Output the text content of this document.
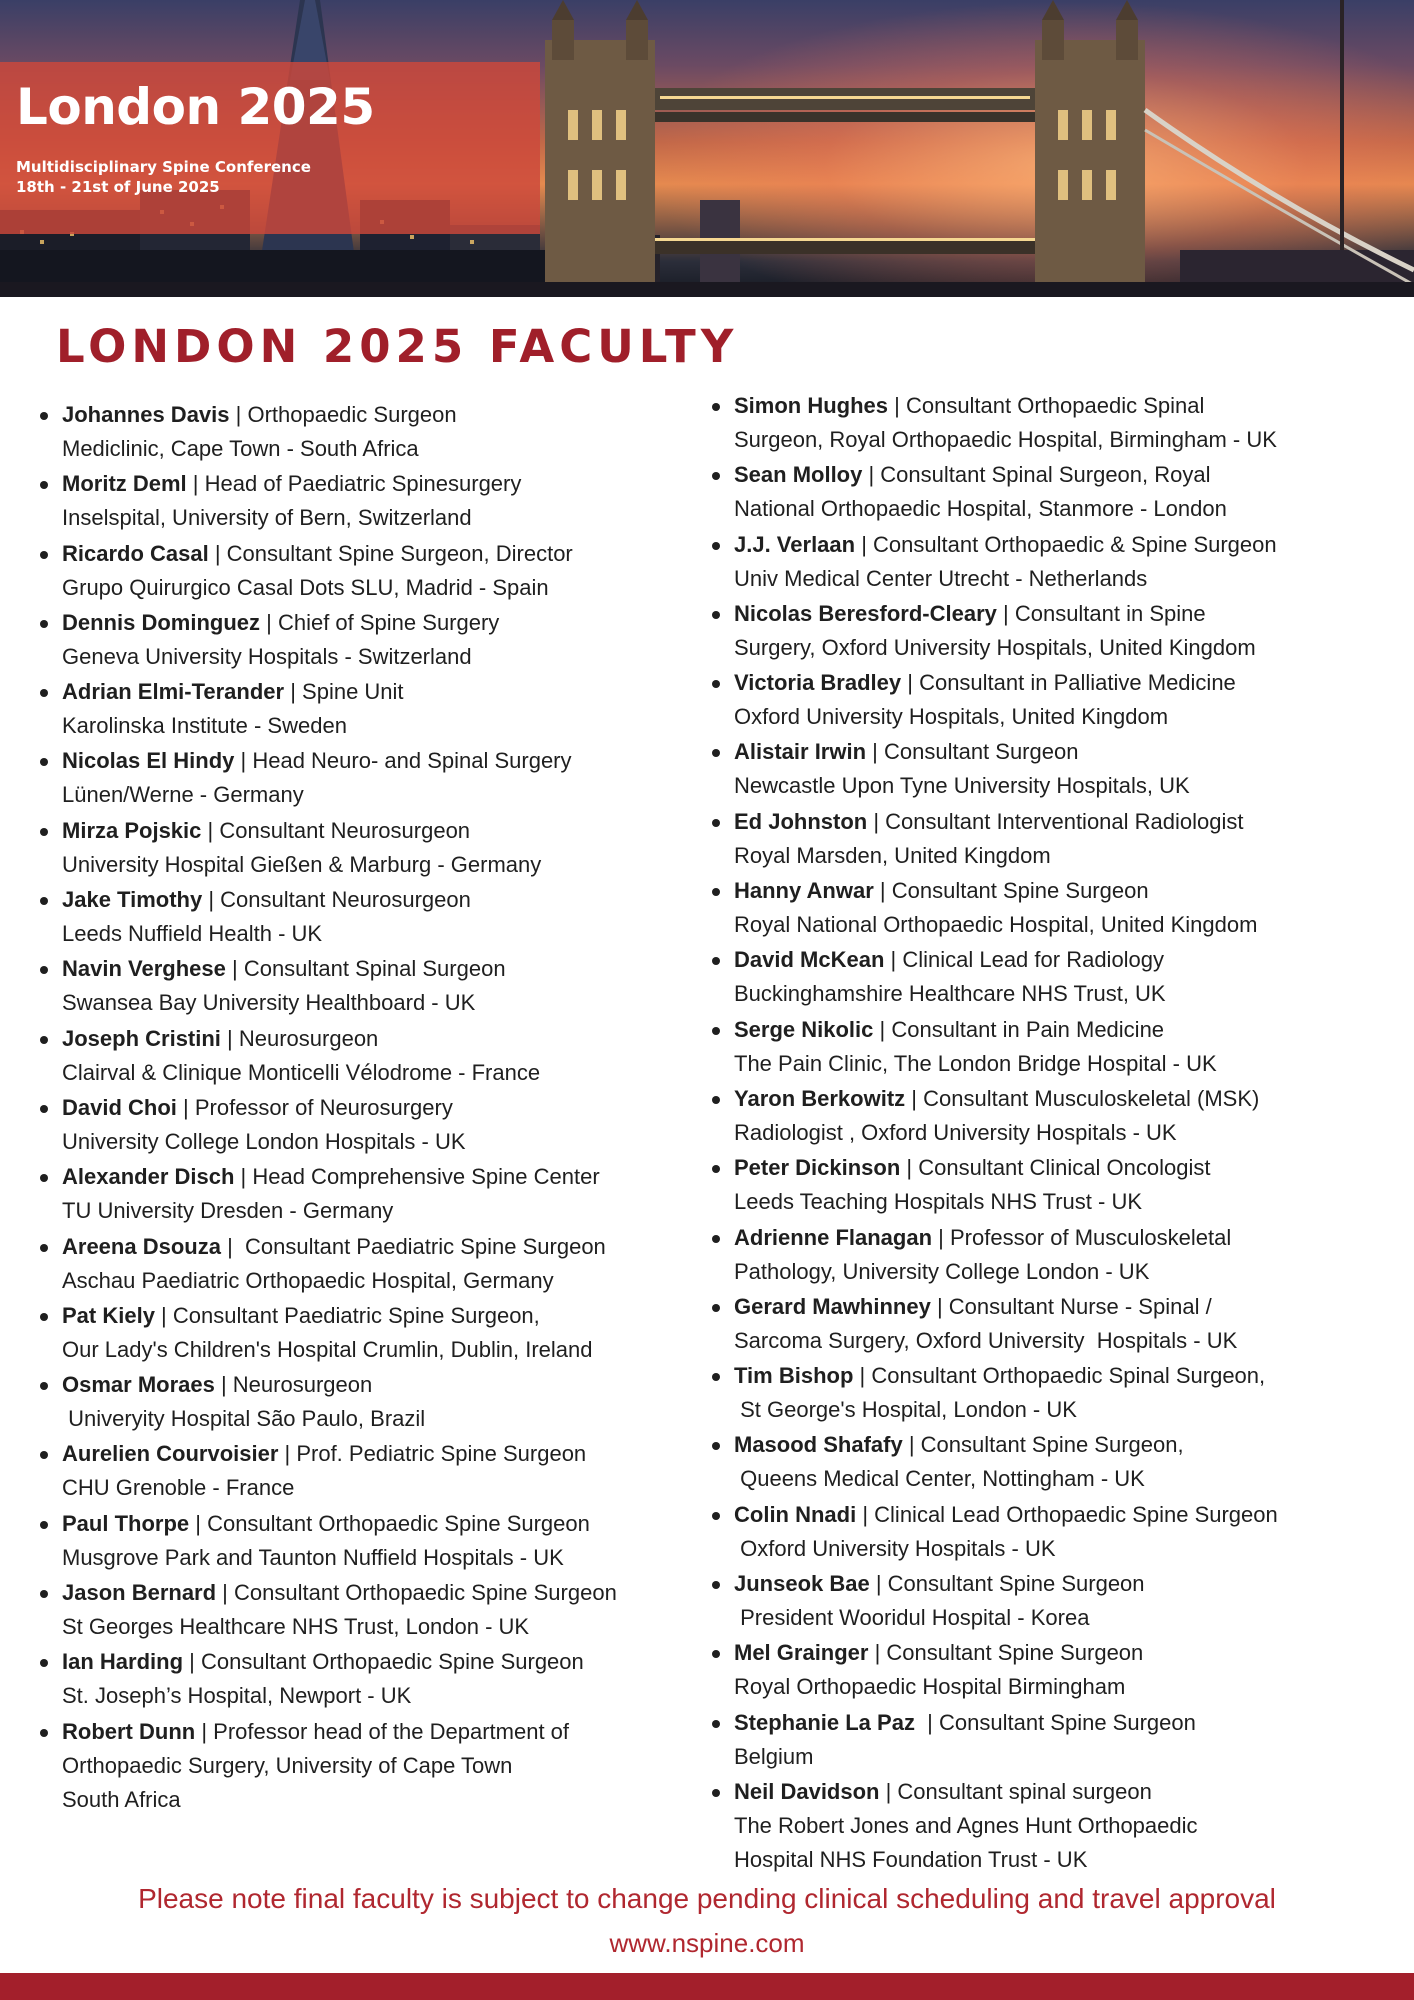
London 2025

Multidisciplinary Spine Conference
18th - 21st of June 2025

LONDON 2025 FACULTY
Johannes Davis | Orthopaedic Surgeon
Mediclinic, Cape Town - South Africa
Moritz Deml | Head of Paediatric Spinesurgery
Inselspital, University of Bern, Switzerland
Ricardo Casal | Consultant Spine Surgeon, Director
Grupo Quirurgico Casal Dots SLU, Madrid - Spain
Dennis Dominguez | Chief of Spine Surgery
Geneva University Hospitals - Switzerland
Adrian Elmi-Terander | Spine Unit
Karolinska Institute - Sweden
Nicolas El Hindy | Head Neuro- and Spinal Surgery
Lünen/Werne - Germany
Mirza Pojskic | Consultant Neurosurgeon
University Hospital Gießen & Marburg - Germany
Jake Timothy | Consultant Neurosurgeon
Leeds Nuffield Health - UK
Navin Verghese | Consultant Spinal Surgeon
Swansea Bay University Healthboard - UK
Joseph Cristini | Neurosurgeon
Clairval & Clinique Monticelli Vélodrome - France
David Choi | Professor of Neurosurgery
University College London Hospitals - UK
Alexander Disch | Head Comprehensive Spine Center
TU University Dresden - Germany
Areena Dsouza |  Consultant Paediatric Spine Surgeon
Aschau Paediatric Orthopaedic Hospital, Germany
Pat Kiely | Consultant Paediatric Spine Surgeon,
Our Lady's Children's Hospital Crumlin, Dublin, Ireland
Osmar Moraes | Neurosurgeon
Univeryity Hospital São Paulo, Brazil
Aurelien Courvoisier | Prof. Pediatric Spine Surgeon
CHU Grenoble - France
Paul Thorpe | Consultant Orthopaedic Spine Surgeon
Musgrove Park and Taunton Nuffield Hospitals - UK
Jason Bernard | Consultant Orthopaedic Spine Surgeon
St Georges Healthcare NHS Trust, London - UK
Ian Harding | Consultant Orthopaedic Spine Surgeon
St. Joseph’s Hospital, Newport - UK
Robert Dunn | Professor head of the Department of
Orthopaedic Surgery, University of Cape Town
South Africa
Simon Hughes | Consultant Orthopaedic Spinal
Surgeon, Royal Orthopaedic Hospital, Birmingham - UK
Sean Molloy | Consultant Spinal Surgeon, Royal
National Orthopaedic Hospital, Stanmore - London
J.J. Verlaan | Consultant Orthopaedic & Spine Surgeon
Univ Medical Center Utrecht - Netherlands
Nicolas Beresford-Cleary | Consultant in Spine
Surgery, Oxford University Hospitals, United Kingdom
Victoria Bradley | Consultant in Palliative Medicine
Oxford University Hospitals, United Kingdom
Alistair Irwin | Consultant Surgeon
Newcastle Upon Tyne University Hospitals, UK
Ed Johnston | Consultant Interventional Radiologist
Royal Marsden, United Kingdom
Hanny Anwar | Consultant Spine Surgeon
Royal National Orthopaedic Hospital, United Kingdom
David McKean | Clinical Lead for Radiology
Buckinghamshire Healthcare NHS Trust, UK
Serge Nikolic | Consultant in Pain Medicine
The Pain Clinic, The London Bridge Hospital - UK
Yaron Berkowitz | Consultant Musculoskeletal (MSK)
Radiologist , Oxford University Hospitals - UK
Peter Dickinson | Consultant Clinical Oncologist
Leeds Teaching Hospitals NHS Trust - UK
Adrienne Flanagan | Professor of Musculoskeletal
Pathology, University College London - UK
Gerard Mawhinney | Consultant Nurse - Spinal /
Sarcoma Surgery, Oxford University  Hospitals - UK
Tim Bishop | Consultant Orthopaedic Spinal Surgeon,
St George's Hospital, London - UK
Masood Shafafy | Consultant Spine Surgeon,
Queens Medical Center, Nottingham - UK
Colin Nnadi | Clinical Lead Orthopaedic Spine Surgeon
Oxford University Hospitals - UK
Junseok Bae | Consultant Spine Surgeon
President Wooridul Hospital - Korea
Mel Grainger | Consultant Spine Surgeon
Royal Orthopaedic Hospital Birmingham
Stephanie La Paz  | Consultant Spine Surgeon
Belgium
Neil Davidson | Consultant spinal surgeon
The Robert Jones and Agnes Hunt Orthopaedic
Hospital NHS Foundation Trust - UK

Please note final faculty is subject to change pending clinical scheduling and travel approval

www.nspine.com
